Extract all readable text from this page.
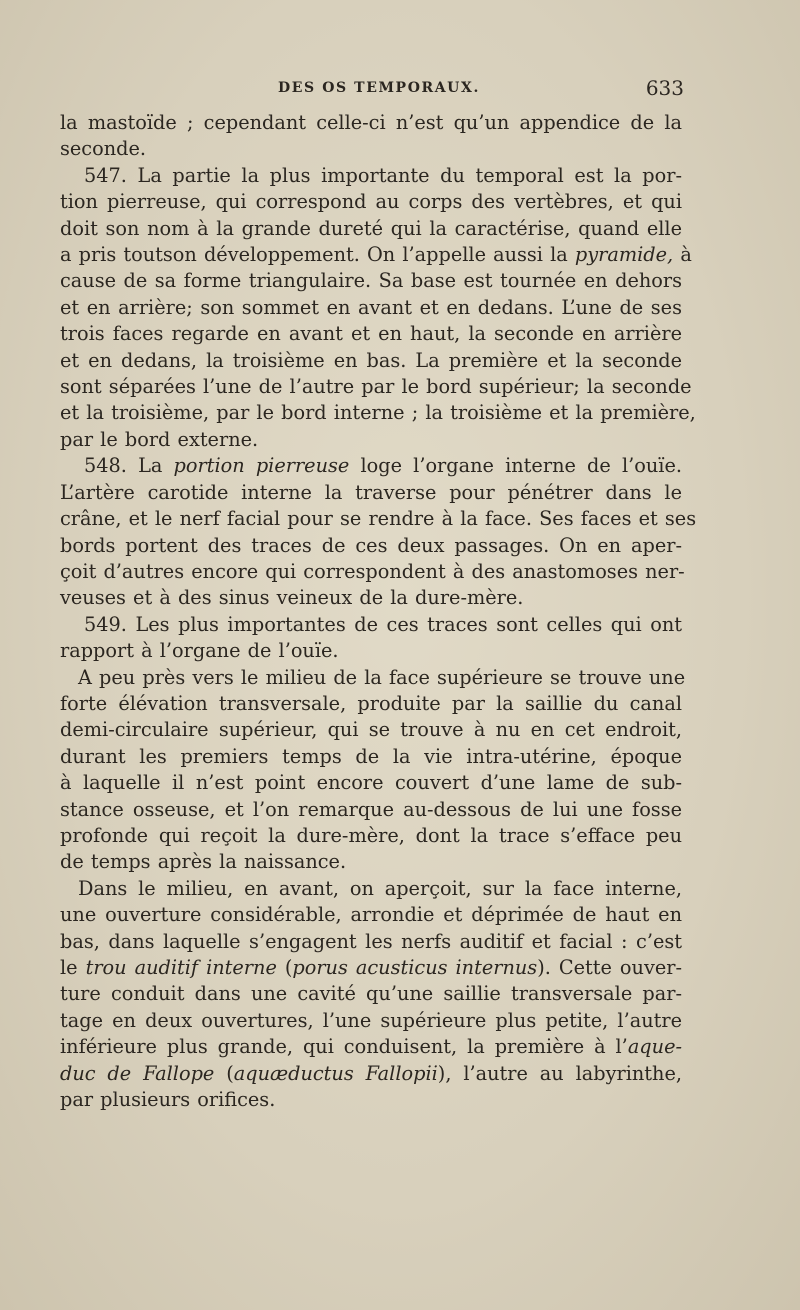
DES OS TEMPORAUX.	633
la mastoïde ; cependant celle-ci n’est qu’un appendice de la
seconde.
547. La partie la plus importante du temporal est la por-
tion pierreuse, qui correspond au corps des vertèbres, et qui
doit son nom à la grande dureté qui la caractérise, quand elle
a pris toutson développement. On l’appelle aussi la pyramide, à
cause de sa forme triangulaire. Sa base est tournée en dehors
et en arrière; son sommet en avant et en dedans. L’une de ses
trois faces regarde en avant et en haut, la seconde en arrière
et en dedans, la troisième en bas. La première et la seconde
sont séparées l’une de l’autre par le bord supérieur; la seconde
et la troisième, par le bord interne ; la troisième et la première,
par le bord externe.
548. La portion pierreuse loge l’organe interne de l’ouïe.
L’artère carotide interne la traverse pour pénétrer dans le
crâne, et le nerf facial pour se rendre à la face. Ses faces et ses
bords portent des traces de ces deux passages. On en aper-
çoit d’autres encore qui correspondent à des anastomoses ner-
veuses et à des sinus veineux de la dure-mère.
549. Les plus importantes de ces traces sont celles qui ont
rapport à l’organe de l’ouïe.
A peu près vers le milieu de la face supérieure se trouve une
forte élévation transversale, produite par la saillie du canal
demi-circulaire supérieur, qui se trouve à nu en cet endroit,
durant les premiers temps de la vie intra-utérine, époque
à laquelle il n’est point encore couvert d’une lame de sub-
stance osseuse, et l’on remarque au-dessous de lui une fosse
profonde qui reçoit la dure-mère, dont la trace s’efface peu
de temps après la naissance.
Dans le milieu, en avant, on aperçoit, sur la face interne,
une ouverture considérable, arrondie et déprimée de haut en
bas, dans laquelle s’engagent les nerfs auditif et facial : c’est
le trou auditif interne (porus acusticus internus). Cette ouver-
ture conduit dans une cavité qu’une saillie transversale par-
tage en deux ouvertures, l’une supérieure plus petite, l’autre
inférieure plus grande, qui conduisent, la première à l’aque-
duc de Fallope (aquæductus Fallopii), l’autre au labyrinthe,
par plusieurs orifices.
